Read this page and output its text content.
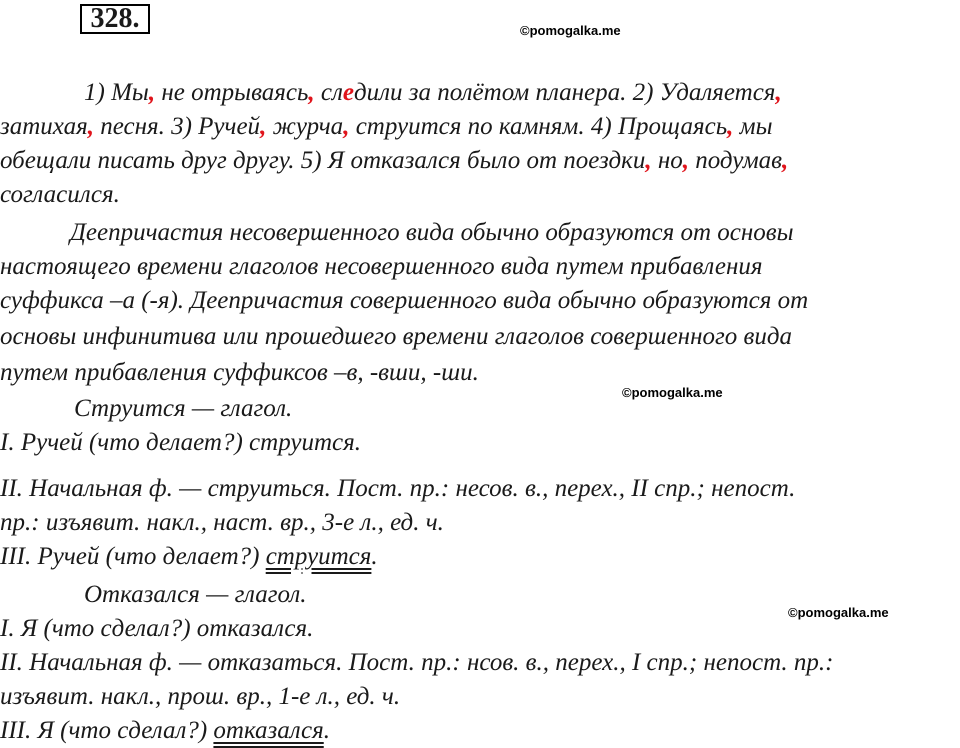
328.	©pomogalka.me
©pomogalka.me
©pomogalka.me
1) Мы, не отрываясь, следили за полётом планера. 2) Удаляется,
затихая, песня. 3) Ручей, журча, струится по камням. 4) Прощаясь, мы
обещали писать друг другу. 5) Я отказался было от поездки, но, подумав,
согласился.
Деепричастия несовершенного вида обычно образуются от основы
настоящего времени глаголов несовершенного вида путем прибавления
суффикса –а (-я). Деепричастия совершенного вида обычно образуются от
основы инфинитива или прошедшего времени глаголов совершенного вида
путем прибавления суффиксов –в, -вши, -ши.
Струится — глагол.
I. Ручей (что делает?) струится.
II. Начальная ф. — струиться. Пост. пр.: несов. в., перех., II спр.; непост.
пр.: изъявит. накл., наст. вр., 3-е л., ед. ч.
III. Ручей (что делает?) струится.
Отказался — глагол.
I. Я (что сделал?) отказался.
II. Начальная ф. — отказаться. Пост. пр.: нсов. в., перех., I спр.; непост. пр.:
изъявит. накл., прош. вр., 1-е л., ед. ч.
III. Я (что сделал?) отказался.
